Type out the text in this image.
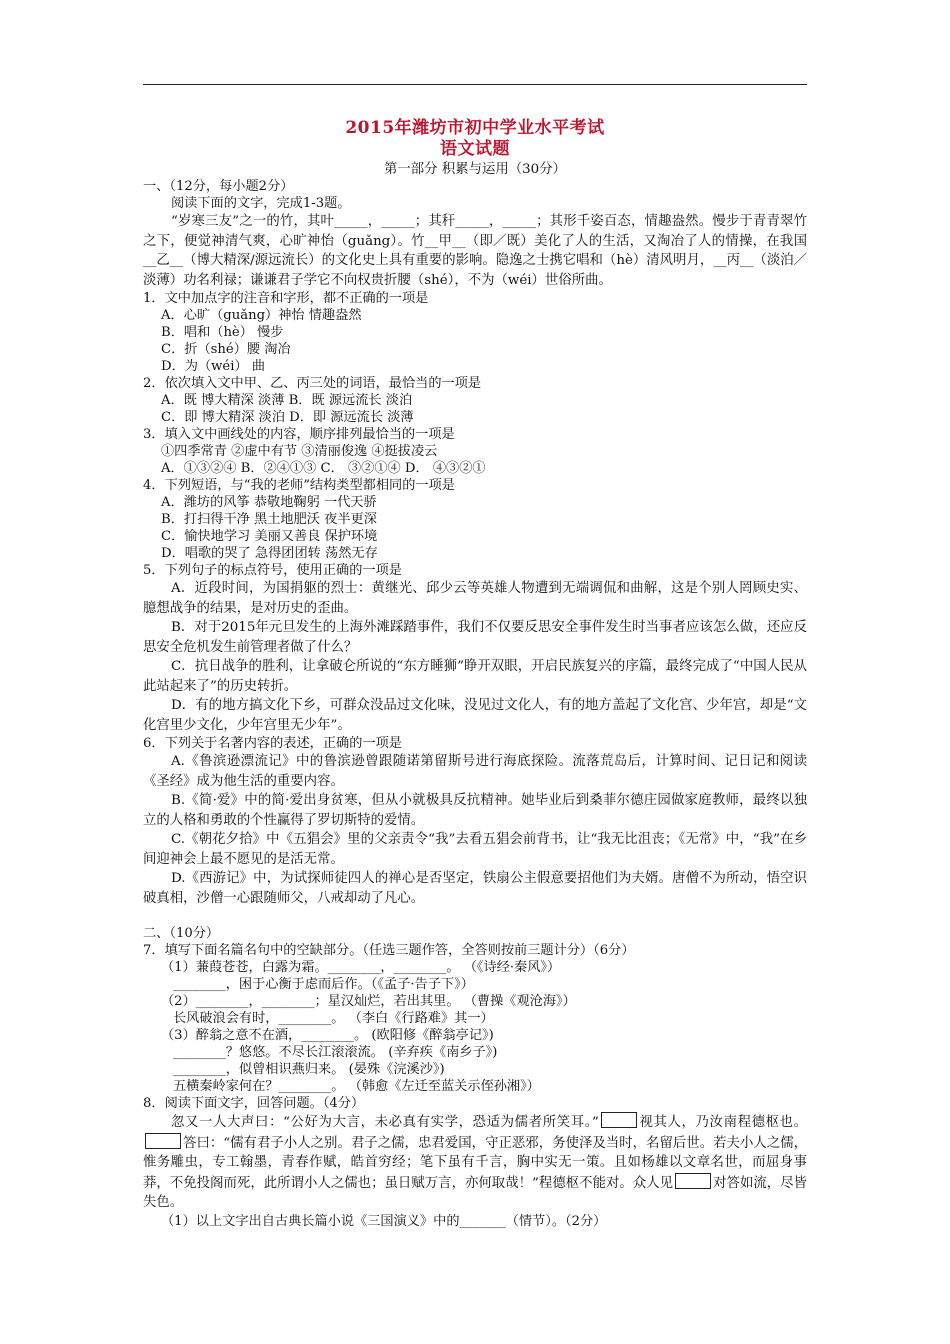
2015年潍坊市初中学业水平考试
语文试题
第一部分 积累与运用（30分）
一、（12分，每小题2分）
阅读下面的文字，完成1-3题。
“岁寒三友”之一的竹，其叶_____，_____；其秆_____，_____；其形千姿百态，情趣盎然。慢步于青青翠竹之下，便觉神清气爽，心旷神怡（guǎng）。竹__甲__（即／既）美化了人的生活，又淘冶了人的情操，在我国__乙__（博大精深/源远流长）的文化史上具有重要的影响。隐逸之士携它唱和（hè）清风明月，__丙__（淡泊／淡薄）功名利禄；谦谦君子学它不向权贵折腰（shé），不为（wéi）世俗所曲。
1．文中加点字的注音和字形，都不正确的一项是
A．心旷（guǎng）神怡 情趣盎然
B．唱和（hè） 慢步
C．折（shé）腰 淘冶
D．为（wéi） 曲
2．依次填入文中甲、乙、丙三处的词语，最恰当的一项是
A．既 博大精深 淡薄 B．既 源远流长 淡泊
C．即 博大精深 淡泊 D．即 源远流长 淡薄
3．填入文中画线处的内容，顺序排列最恰当的一项是
①四季常青 ②虚中有节 ③清丽俊逸 ④挺拔凌云
A．①③②④ B．②④①③ C． ③②①④ D． ④③②①
4．下列短语，与“我的老师”结构类型都相同的一项是
A．潍坊的风筝 恭敬地鞠躬 一代天骄
B．打扫得干净 黑土地肥沃 夜半更深
C．愉快地学习 美丽又善良 保护环境
D．唱歌的哭了 急得团团转 荡然无存
5．下列句子的标点符号，使用正确的一项是
A．近段时间，为国捐躯的烈士：黄继光、邱少云等英雄人物遭到无端调侃和曲解，这是个别人罔顾史实、臆想战争的结果，是对历史的歪曲。
B．对于2015年元旦发生的上海外滩踩踏事件，我们不仅要反思安全事件发生时当事者应该怎么做，还应反思安全危机发生前管理者做了什么？
C．抗日战争的胜利，让拿破仑所说的“东方睡狮”睁开双眼，开启民族复兴的序篇，最终完成了“中国人民从此站起来了”的历史转折。
D．有的地方搞文化下乡，可群众没品过文化味，没见过文化人，有的地方盖起了文化宫、少年宫，却是“文化宫里少文化，少年宫里无少年”。
6．下列关于名著内容的表述，正确的一项是
A.《鲁滨逊漂流记》中的鲁滨逊曾跟随诺第留斯号进行海底探险。流落荒岛后，计算时间、记日记和阅读《圣经》成为他生活的重要内容。
B.《简·爱》中的简·爱出身贫寒，但从小就极具反抗精神。她毕业后到桑菲尔德庄园做家庭教师，最终以独立的人格和勇敢的个性赢得了罗切斯特的爱情。
C.《朝花夕拾》中《五猖会》里的父亲责令“我”去看五猖会前背书，让“我无比沮丧；《无常》中，“我”在乡间迎神会上最不愿见的是活无常。
D.《西游记》中，为试探师徒四人的禅心是否坚定，铁扇公主假意要招他们为夫婿。唐僧不为所动，悟空识破真相，沙僧一心跟随师父，八戒却动了凡心。
二、（10分）
7．填写下面名篇名句中的空缺部分。（任选三题作答，全答则按前三题计分）（6分）
（1）蒹葭苍苍，白露为霜。________，________。 （《诗经·秦风》）
________，困于心衡于虑而后作。（《孟子·告子下》）
（2）________，________；星汉灿烂，若出其里。 （曹操《观沧海》）
长风破浪会有时，________。 （李白《行路难》其一）
（3）醉翁之意不在酒，________。 (欧阳修《醉翁亭记》)
________？悠悠。不尽长江滚滚流。 (辛弃疾《南乡子》)
________，似曾相识燕归来。 (晏殊《浣溪沙》)
五横秦岭家何在？________。 （韩愈《左迁至蓝关示侄孙湘》）
8．阅读下面文字，回答问题。（4分）
忽又一人大声曰：“公好为大言，未必真有实学，恐适为儒者所笑耳。”	视其人，乃汝南程德枢也。答曰：“儒有君子小人之别。君子之儒，忠君爱国，守正恶邪，务使泽及当时，名留后世。若夫小人之儒，惟务雕虫，专工翰墨，青春作赋，皓首穷经；笔下虽有千言，胸中实无一策。且如杨雄以文章名世，而屈身事莽，不免投阁而死，此所谓小人之儒也；虽日赋万言，亦何取哉！”程德枢不能对。众人见	对答如流，尽皆失色。
（1）以上文字出自古典长篇小说《三国演义》中的_______（情节）。（2分）
